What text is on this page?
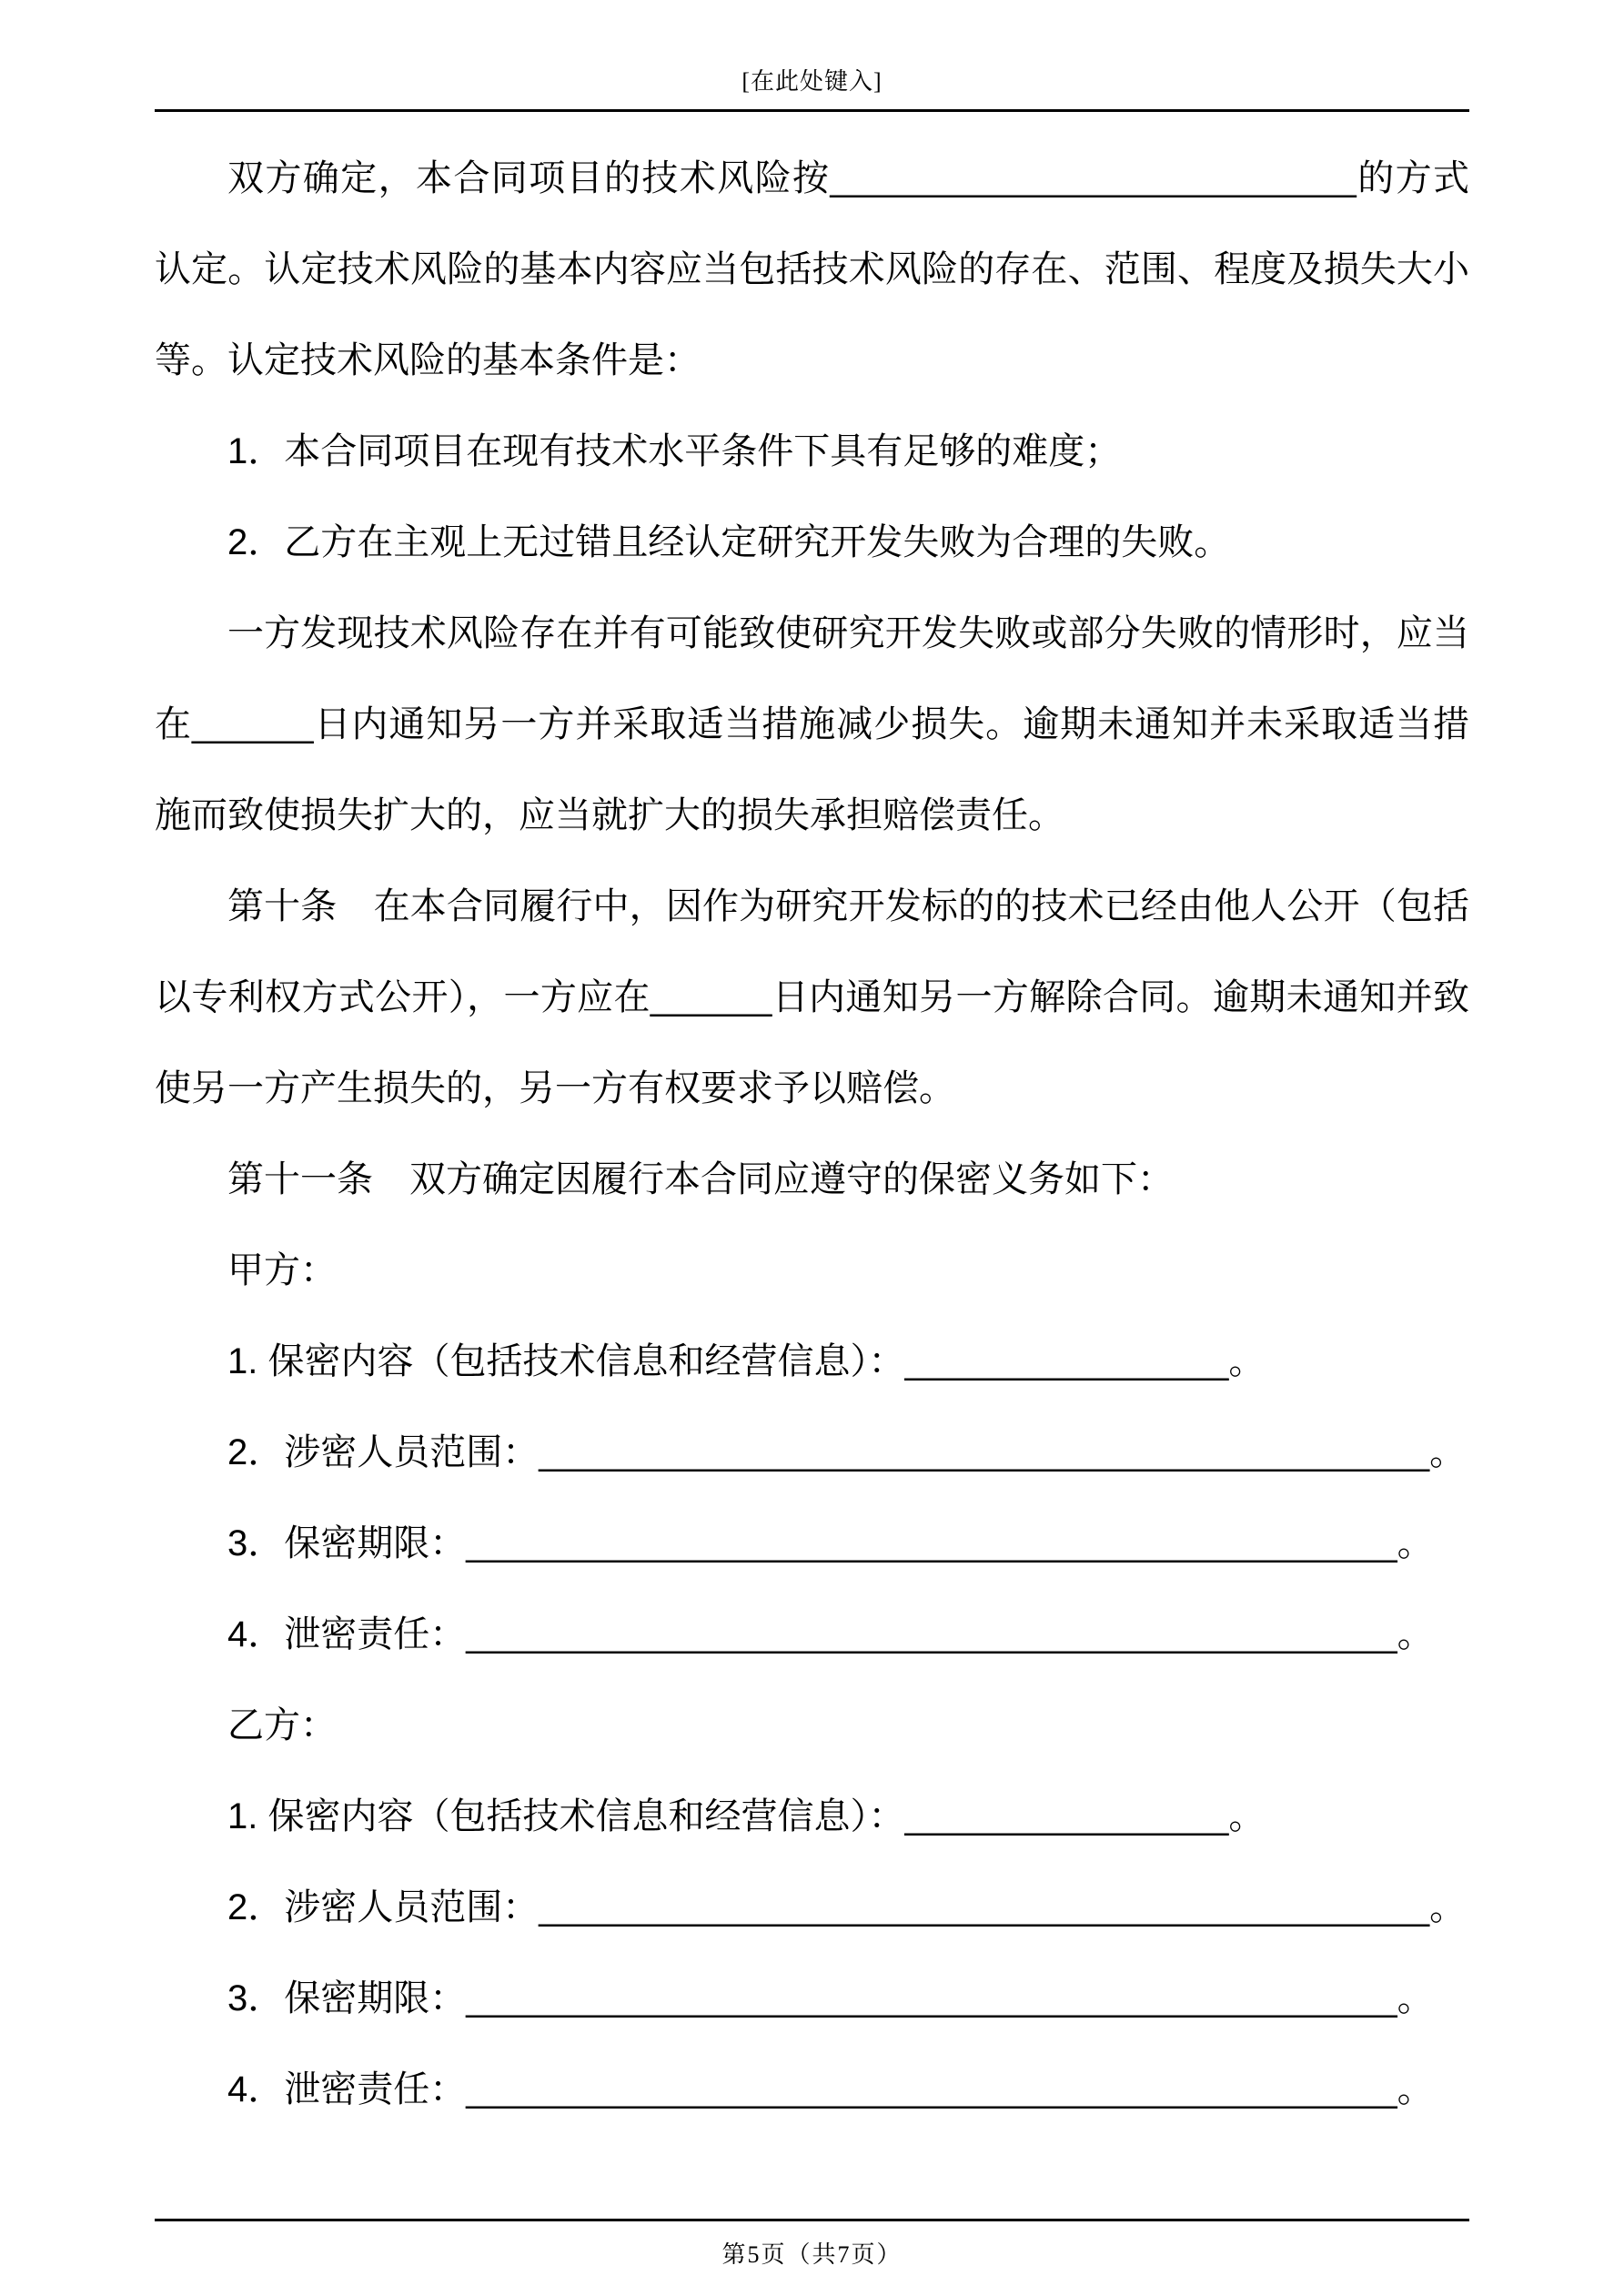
[在此处键入]

双方确定，本合同项目的技术风险按__________________________的方式认定。认定技术风险的基本内容应当包括技术风险的存在、范围、程度及损失大小等。认定技术风险的基本条件是：

1．本合同项目在现有技术水平条件下具有足够的难度；

2．乙方在主观上无过错且经认定研究开发失败为合理的失败。

一方发现技术风险存在并有可能致使研究开发失败或部分失败的情形时，应当在______日内通知另一方并采取适当措施减少损失。逾期未通知并未采取适当措施而致使损失扩大的，应当就扩大的损失承担赔偿责任。

第十条　在本合同履行中，因作为研究开发标的的技术已经由他人公开（包括以专利权方式公开），一方应在______日内通知另一方解除合同。逾期未通知并致使另一方产生损失的，另一方有权要求予以赔偿。

第十一条　双方确定因履行本合同应遵守的保密义务如下：

甲方：

1. 保密内容（包括技术信息和经营信息）：________________。

2．涉密人员范围：____________________________________________。

3．保密期限：______________________________________________。

4．泄密责任：______________________________________________。

乙方：

1. 保密内容（包括技术信息和经营信息）：________________。

2．涉密人员范围：____________________________________________。

3．保密期限：______________________________________________。

4．泄密责任：______________________________________________。

第5页（共7页）
